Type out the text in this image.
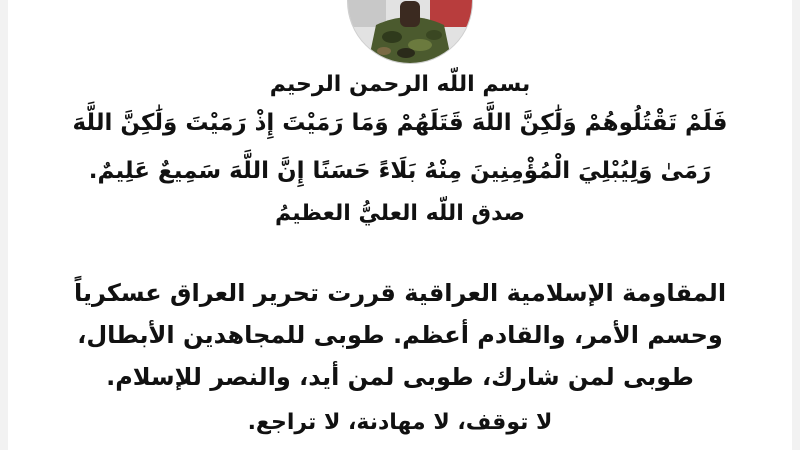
بسم اللّه الرحمن الرحيم
فَلَمْ تَقْتُلُوهُمْ وَلَٰكِنَّ اللَّهَ قَتَلَهُمْ وَمَا رَمَيْتَ إِذْ رَمَيْتَ وَلَٰكِنَّ اللَّهَ
رَمَىٰ وَلِيُبْلِيَ الْمُؤْمِنِينَ مِنْهُ بَلَاءً حَسَنًا إِنَّ اللَّهَ سَمِيعٌ عَلِيمٌ.
صدق اللّه العليُّ العظيمُ
المقاومة الإسلامية العراقية قررت تحرير العراق عسكرياً
وحسم الأمر، والقادم أعظم. طوبى للمجاهدين الأبطال،
طوبى لمن شارك، طوبى لمن أيد، والنصر للإسلام.
لا توقف، لا مهادنة، لا تراجع.
